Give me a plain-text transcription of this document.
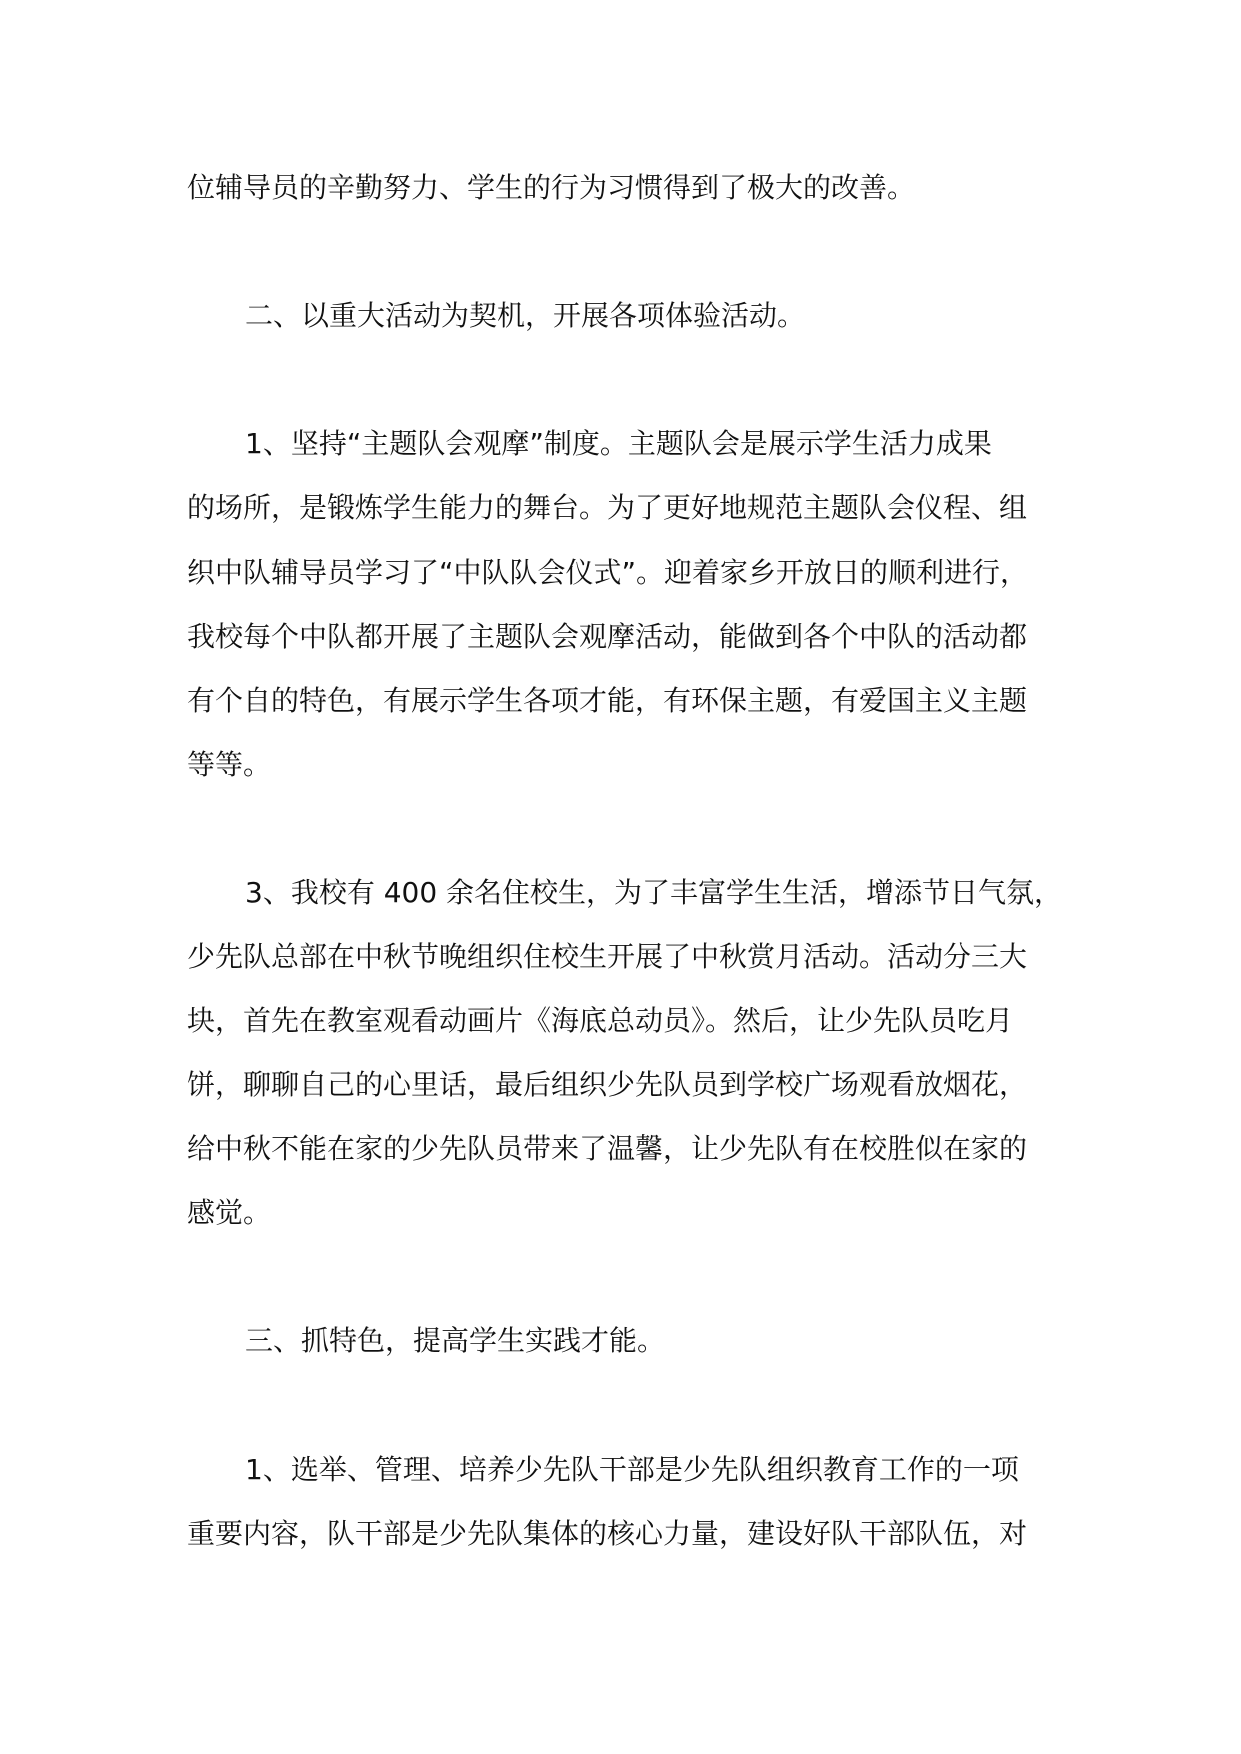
位辅导员的辛勤努力、学生的行为习惯得到了极大的改善。

二、以重大活动为契机，开展各项体验活动。

1、坚持“主题队会观摩”制度。主题队会是展示学生活力成果

的场所，是锻炼学生能力的舞台。为了更好地规范主题队会仪程、组

织中队辅导员学习了“中队队会仪式”。迎着家乡开放日的顺利进行，

我校每个中队都开展了主题队会观摩活动，能做到各个中队的活动都

有个自的特色，有展示学生各项才能，有环保主题，有爱国主义主题

等等。

3、我校有 400 余名住校生，为了丰富学生生活，增添节日气氛，

少先队总部在中秋节晚组织住校生开展了中秋赏月活动。活动分三大

块，首先在教室观看动画片《海底总动员》。然后，让少先队员吃月

饼，聊聊自己的心里话，最后组织少先队员到学校广场观看放烟花，

给中秋不能在家的少先队员带来了温馨，让少先队有在校胜似在家的

感觉。

三、抓特色，提高学生实践才能。

1、选举、管理、培养少先队干部是少先队组织教育工作的一项

重要内容，队干部是少先队集体的核心力量，建设好队干部队伍，对
